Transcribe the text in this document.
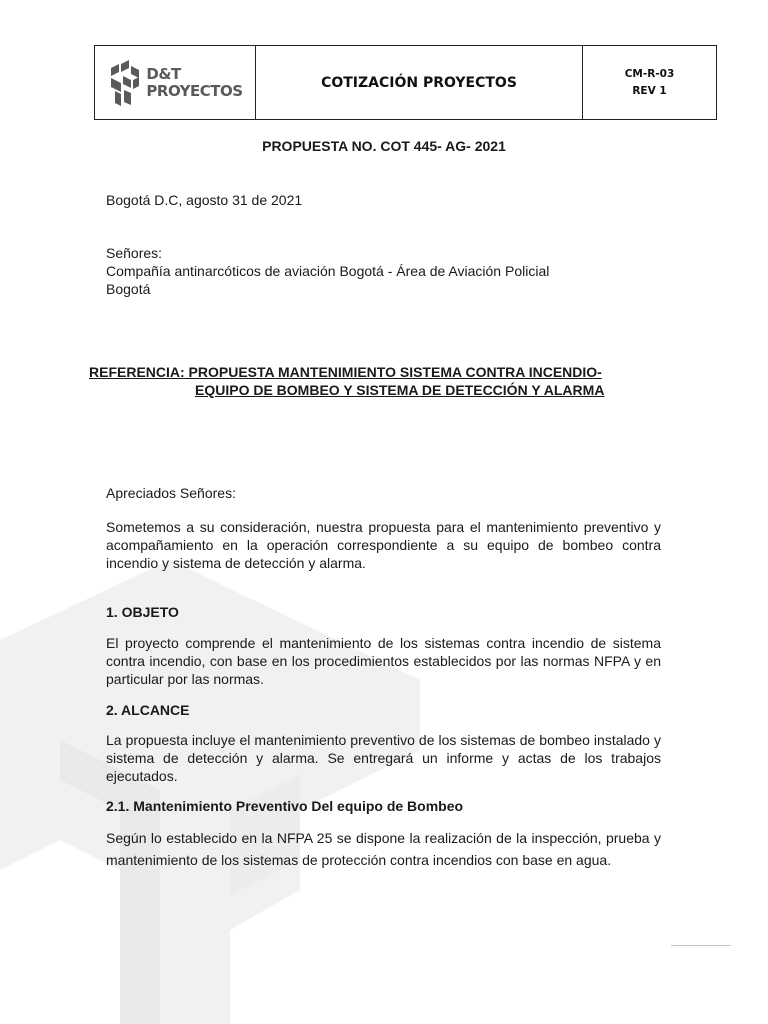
D&T
PROYECTOS	COTIZACIÓN PROYECTOS
CM-R-03
REV 1

PROPUESTA NO. COT 445- AG- 2021

Bogotá D.C, agosto 31 de 2021

Señores:

Compañía antinarcóticos de aviación Bogotá - Área de Aviación Policial

Bogotá

REFERENCIA: PROPUESTA MANTENIMIENTO SISTEMA CONTRA INCENDIO-

EQUIPO DE BOMBEO Y SISTEMA DE DETECCIÓN Y ALARMA

Apreciados Señores:

Sometemos a su consideración, nuestra propuesta para el mantenimiento preventivo y acompañamiento en la operación correspondiente a su equipo de bombeo contra incendio y sistema de detección y alarma.

1. OBJETO

El proyecto comprende el mantenimiento de los sistemas contra incendio de sistema contra incendio, con base en los procedimientos establecidos por las normas NFPA y en particular por las normas.

2. ALCANCE

La propuesta incluye el mantenimiento preventivo de los sistemas de bombeo instalado y sistema de detección y alarma. Se entregará un informe y actas de los trabajos ejecutados.

2.1. Mantenimiento Preventivo Del equipo de Bombeo

Según lo establecido en la NFPA 25 se dispone la realización de la inspección, prueba y mantenimiento de los sistemas de protección contra incendios con base en agua.
